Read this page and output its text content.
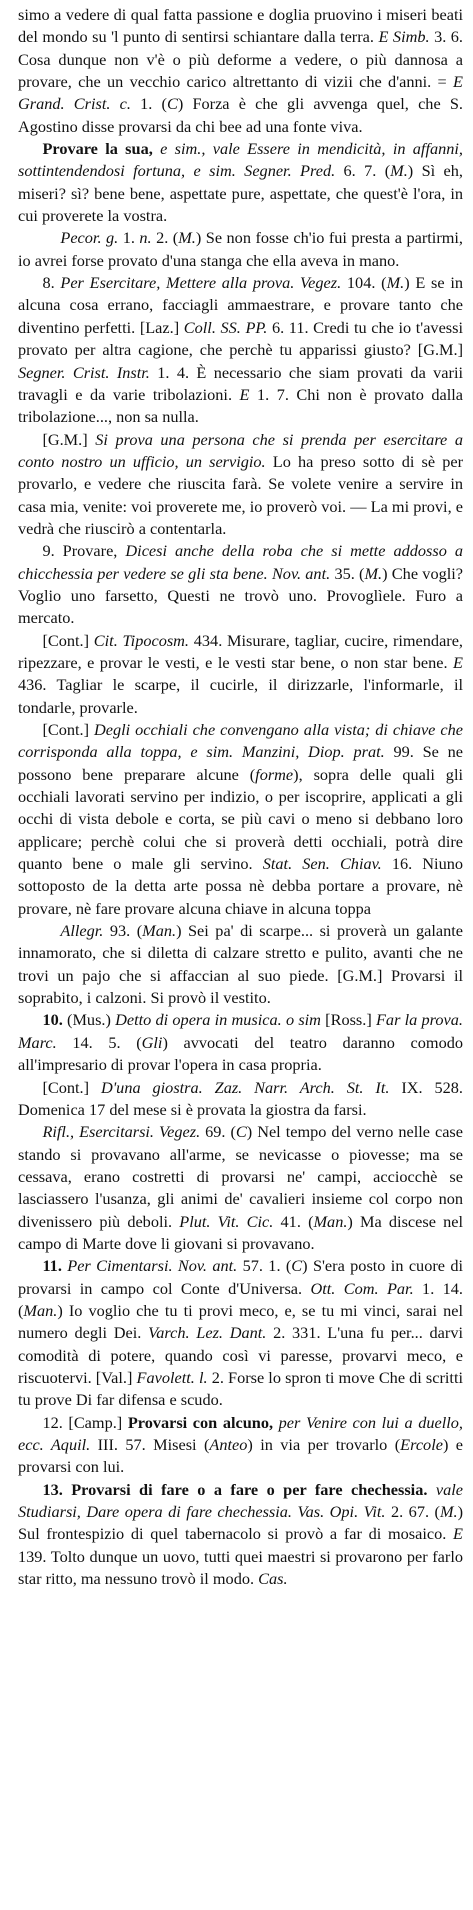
simo a vedere di qual fatta passione e doglia pruovino i miseri beati del mondo su 'l punto di sentirsi schiantare dalla terra. E Simb. 3. 6. Cosa dunque non v'è o più deforme a vedere, o più dannosa a provare, che un vecchio carico altrettanto di vizii che d'anni. = E Grand. Crist. c. 1. (C) Forza è che gli avvenga quel, che S. Agostino disse provarsi da chi bee ad una fonte viva.

Provare la sua, e sim., vale Essere in mendicità, in affanni, sottintendendosi fortuna, e sim. Segner. Pred. 6. 7. (M.) Sì eh, miseri? sì? bene bene, aspettate pure, aspettate, che quest'è l'ora, in cui proverete la vostra.

Pecor. g. 1. n. 2. (M.) Se non fosse ch'io fui presta a partirmi, io avrei forse provato d'una stanga che ella aveva in mano.

8. Per Esercitare, Mettere alla prova. Vegez. 104. (M.) E se in alcuna cosa errano, facciagli ammaestrare, e provare tanto che diventino perfetti. [Laz.] Coll. SS. PP. 6. 11. Credi tu che io t'avessi provato per altra cagione, che perchè tu apparissi giusto? [G.M.] Segner. Crist. Instr. 1. 4. È necessario che siam provati da varii travagli e da varie tribolazioni. E 1. 7. Chi non è provato dalla tribolazione..., non sa nulla.

[G.M.] Si prova una persona che si prenda per esercitare a conto nostro un ufficio, un servigio. Lo ha preso sotto di sè per provarlo, e vedere che riuscita farà. Se volete venire a servire in casa mia, venite: voi proverete me, io proverò voi. — La mi provi, e vedrà che riuscirò a contentarla.

9. Provare, Dicesi anche della roba che si mette addosso a chicchessia per vedere se gli sta bene. Nov. ant. 35. (M.) Che vogli? Voglio uno farsetto, Questi ne trovò uno. Provoglìele. Furo a mercato.

[Cont.] Cit. Tipocosm. 434. Misurare, tagliar, cucire, rimendare, ripezzare, e provar le vesti, e le vesti star bene, o non star bene. E 436. Tagliar le scarpe, il cucirle, il dirizzarle, l'informarle, il tondarle, provarle.

[Cont.] Degli occhiali che convengano alla vista; di chiave che corrisponda alla toppa, e sim. Manzini, Diop. prat. 99. Se ne possono bene preparare alcune (forme), sopra delle quali gli occhiali lavorati servino per indizio, o per iscoprire, applicati a gli occhi di vista debole e corta, se più cavi o meno si debbano loro applicare; perchè colui che si proverà detti occhiali, potrà dire quanto bene o male gli servino. Stat. Sen. Chiav. 16. Niuno sottoposto de la detta arte possa nè debba portare a provare, nè provare, nè fare provare alcuna chiave in alcuna toppa

Allegr. 93. (Man.) Sei pa' di scarpe... si proverà un galante innamorato, che si diletta di calzare stretto e pulito, avanti che ne trovi un pajo che si affaccian al suo piede. [G.M.] Provarsi il soprabito, i calzoni. Si provò il vestito.

10. (Mus.) Detto di opera in musica. o sim [Ross.] Far la prova. Marc. 14. 5. (Gli) avvocati del teatro daranno comodo all'impresario di provar l'opera in casa propria.

[Cont.] D'una giostra. Zaz. Narr. Arch. St. It. IX. 528. Domenica 17 del mese si è provata la giostra da farsi.

Rifl., Esercitarsi. Vegez. 69. (C) Nel tempo del verno nelle case stando si provavano all'arme, se nevicasse o piovesse; ma se cessava, erano costretti di provarsi ne' campi, acciocchè se lasciassero l'usanza, gli animi de' cavalieri insieme col corpo non divenissero più deboli. Plut. Vit. Cic. 41. (Man.) Ma discese nel campo di Marte dove li giovani si provavano.

11. Per Cimentarsi. Nov. ant. 57. 1. (C) S'era posto in cuore di provarsi in campo col Conte d'Universa. Ott. Com. Par. 1. 14. (Man.) Io voglio che tu ti provi meco, e, se tu mi vinci, sarai nel numero degli Dei. Varch. Lez. Dant. 2. 331. L'una fu per... darvi comodità di potere, quando così vi paresse, provarvi meco, e riscuotervi. [Val.] Favolett. l. 2. Forse lo spron ti move Che di scritti tu prove Di far difensa e scudo.

12. [Camp.] Provarsi con alcuno, per Venire con lui a duello, ecc. Aquil. III. 57. Misesi (Anteo) in via per trovarlo (Ercole) e provarsi con lui.

13. Provarsi di fare o a fare o per fare chechessia. vale Studiarsi, Dare opera di fare chechessia. Vas. Opi. Vit. 2. 67. (M.) Sul frontespizio di quel tabernacolo si provò a far di mosaico. E 139. Tolto dunque un uovo, tutti quei maestri si provarono per farlo star ritto, ma nessuno trovò il modo. Cas.
